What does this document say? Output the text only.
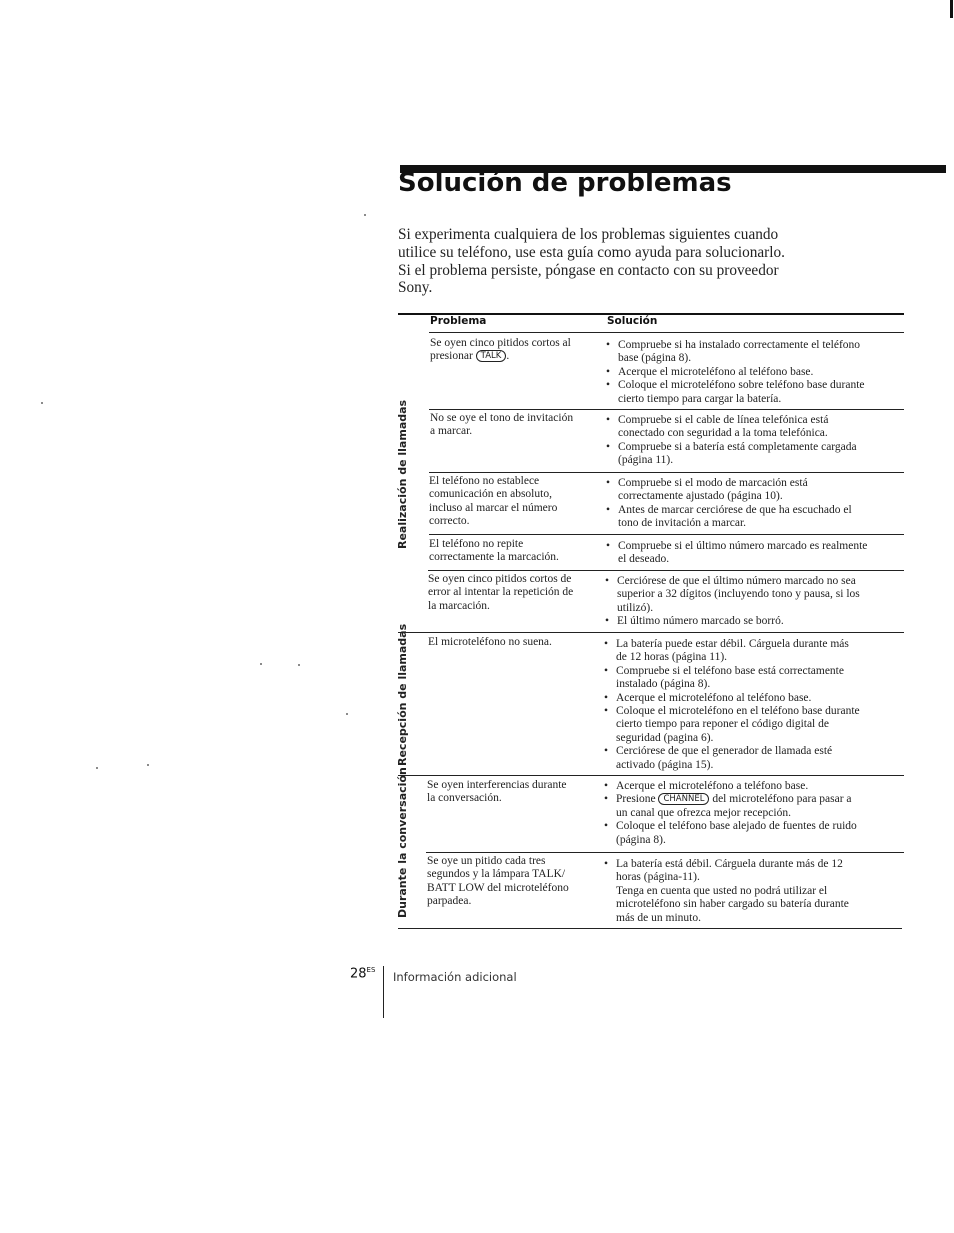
Solución de problemas
Si experimenta cualquiera de los problemas siguientes cuando
utilice su teléfono, use esta guía como ayuda para solucionarlo.
Si el problema persiste, póngase en contacto con su proveedor
Sony.
Problema	Solución
Se oyen cinco pitidos cortos al
presionar TALK .
• Compruebe si ha instalado correctamente el teléfono
base (página 8).
• Acerque el microteléfono al teléfono base.
• Coloque el microteléfono sobre teléfono base durante
cierto tiempo para cargar la batería.
No se oye el tono de invitación
a marcar.
• Compruebe si el cable de línea telefónica está
conectado con seguridad a la toma telefónica.
• Compruebe si a batería está completamente cargada
(página 11).
El teléfono no establece
comunicación en absoluto,
incluso al marcar el número
correcto.
• Compruebe si el modo de marcación está
correctamente ajustado (página 10).
• Antes de marcar cerciórese de que ha escuchado el
tono de invitación a marcar.
El teléfono no repite
correctamente la marcación.
• Compruebe si el último número marcado es realmente
el deseado.
Se oyen cinco pitidos cortos de
error al intentar la repetición de
la marcación.
• Cerciórese de que el último número marcado no sea
superior a 32 dígitos (incluyendo tono y pausa, si los
utilizó).
• El último número marcado se borró.
El microteléfono no suena.
•	La batería puede estar débil. Cárguela durante más
de 12 horas (página 11).
• Compruebe si el teléfono base está correctamente
instalado (página 8).
• Acerque el microteléfono al teléfono base.
• Coloque el microteléfono en el teléfono base durante
cierto tiempo para reponer el código digital de
seguridad (pagina 6).
• Cerciórese de que el generador de llamada esté
activado (página 15).
Se oyen interferencias durante
la conversación.
• Acerque el microteléfono a teléfono base.
• Presione CHANNEL del microteléfono para pasar a
un canal que ofrezca mejor recepción.
• Coloque el teléfono base alejado de fuentes de ruido
(página 8).
Se oye un pitido cada tres
segundos y la lámpara TALK/
BATT LOW del microteléfono
parpadea.
• La batería está débil. Cárguela durante más de 12
horas (página-11).
Tenga en cuenta que usted no podrá utilizar el
microteléfono sin haber cargado su batería durante
más de un minuto.
Realización de llamadas
Recepción de llamadas
Durante la conversación
$28^{ES}$ Información adicional
